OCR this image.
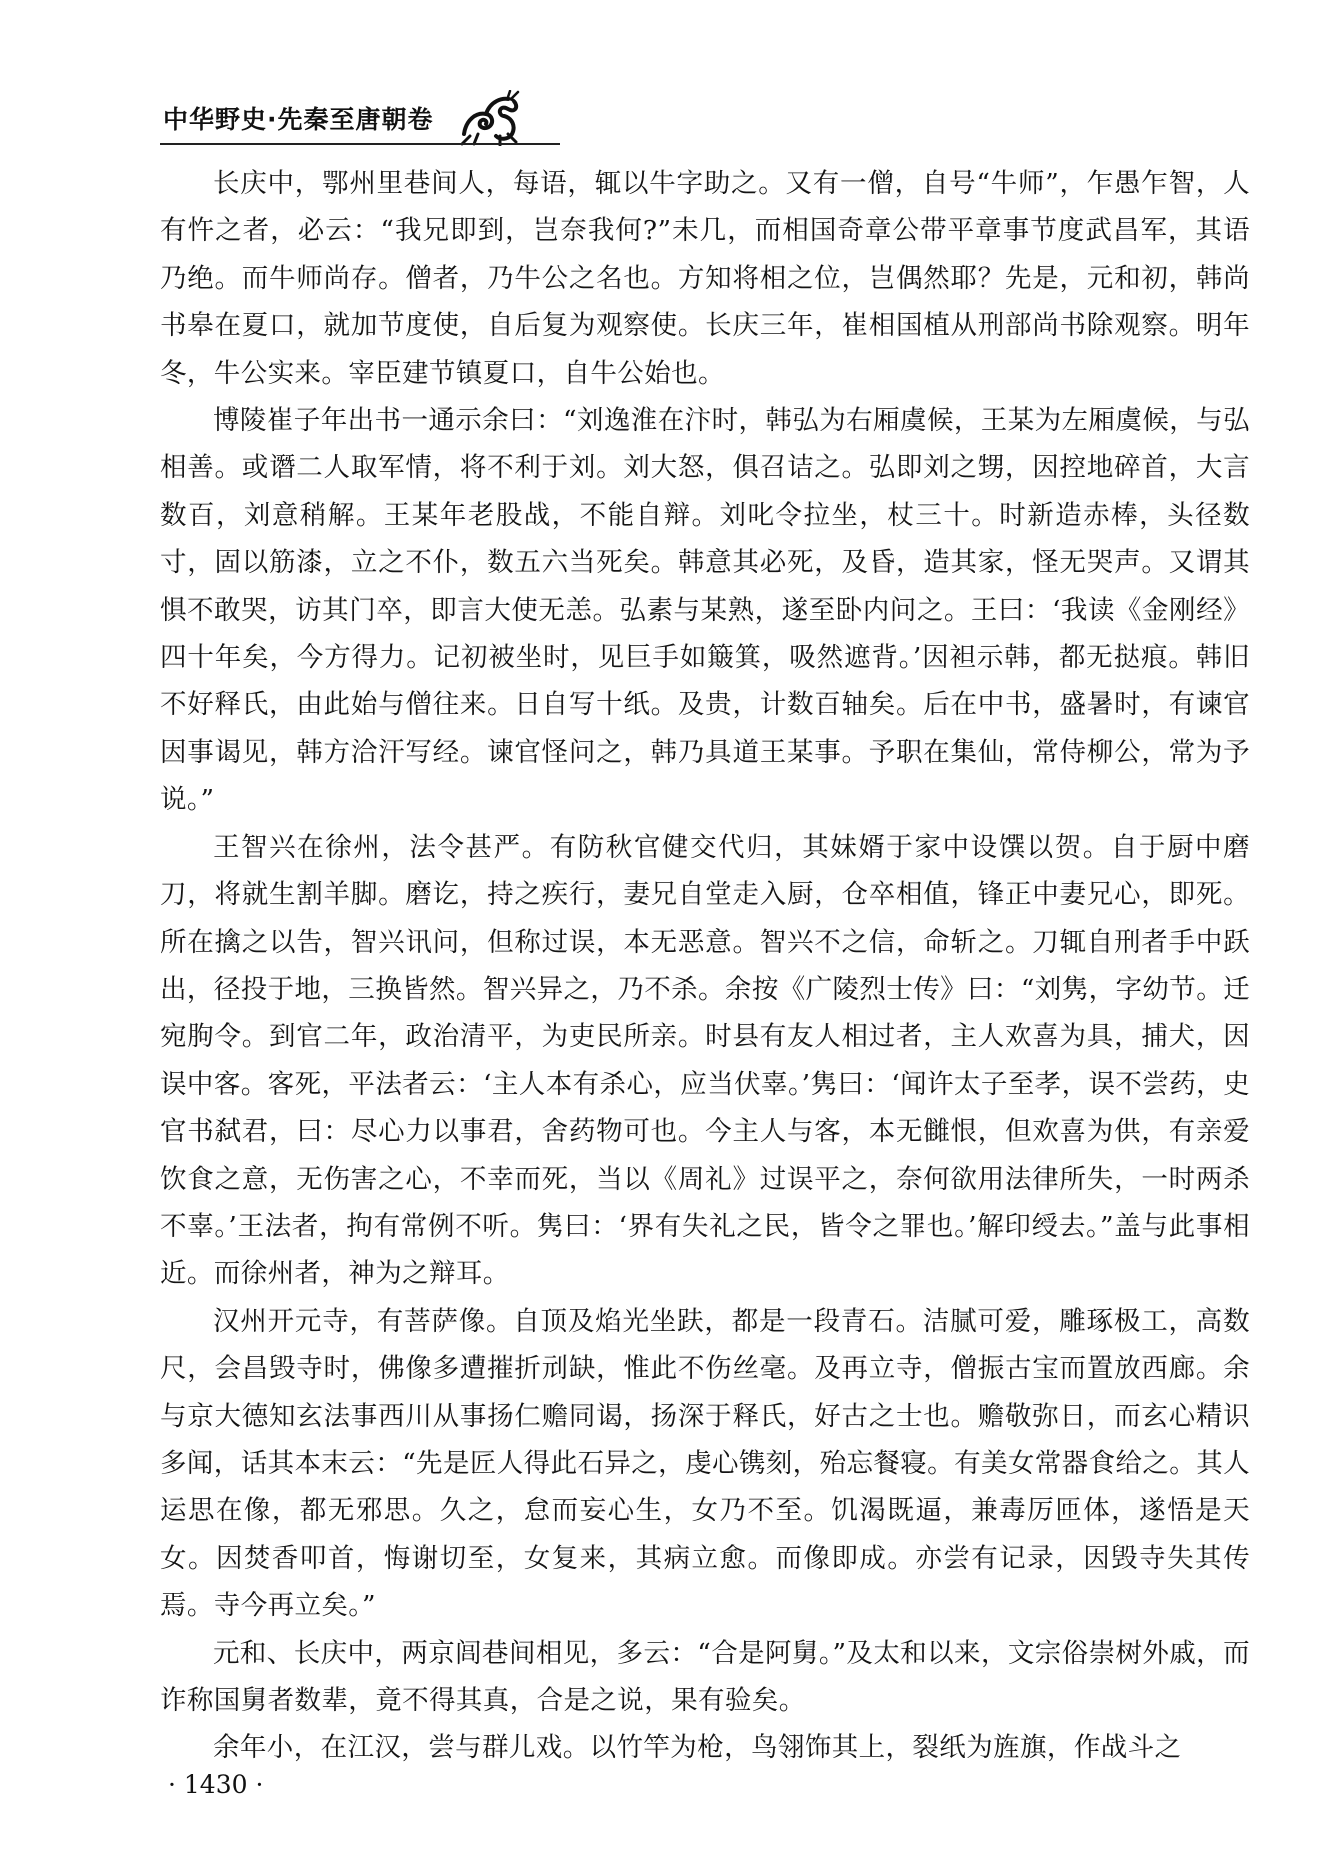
中华野史·先秦至唐朝卷

长庆中，鄂州里巷间人，每语，辄以牛字助之。又有一僧，自号“牛师”，乍愚乍智，人有忤之者，必云：“我兄即到，岂奈我何?”未几，而相国奇章公带平章事节度武昌军，其语乃绝。而牛师尚存。僧者，乃牛公之名也。方知将相之位，岂偶然耶？先是，元和初，韩尚书皋在夏口，就加节度使，自后复为观察使。长庆三年，崔相国植从刑部尚书除观察。明年冬，牛公实来。宰臣建节镇夏口，自牛公始也。

博陵崔子年出书一通示余曰：“刘逸淮在汴时，韩弘为右厢虞候，王某为左厢虞候，与弘相善。或谮二人取军情，将不利于刘。刘大怒，俱召诘之。弘即刘之甥，因控地碎首，大言数百，刘意稍解。王某年老股战，不能自辩。刘叱令拉坐，杖三十。时新造赤棒，头径数寸，固以筋漆，立之不仆，数五六当死矣。韩意其必死，及昏，造其家，怪无哭声。又谓其惧不敢哭，访其门卒，即言大使无恙。弘素与某熟，遂至卧内问之。王曰：‘我读《金刚经》四十年矣，今方得力。记初被坐时，见巨手如簸箕，吸然遮背。’因袒示韩，都无挞痕。韩旧不好释氏，由此始与僧往来。日自写十纸。及贵，计数百轴矣。后在中书，盛暑时，有谏官因事谒见，韩方洽汗写经。谏官怪问之，韩乃具道王某事。予职在集仙，常侍柳公，常为予说。”

王智兴在徐州，法令甚严。有防秋官健交代归，其妹婿于家中设馔以贺。自于厨中磨刀，将就生割羊脚。磨讫，持之疾行，妻兄自堂走入厨，仓卒相值，锋正中妻兄心，即死。所在擒之以告，智兴讯问，但称过误，本无恶意。智兴不之信，命斩之。刀辄自刑者手中跃出，径投于地，三换皆然。智兴异之，乃不杀。余按《广陵烈士传》曰：“刘隽，字幼节。迁宛朐令。到官二年，政治清平，为吏民所亲。时县有友人相过者，主人欢喜为具，捕犬，因误中客。客死，平法者云：‘主人本有杀心，应当伏辜。’隽曰：‘闻许太子至孝，误不尝药，史官书弑君，曰：尽心力以事君，舍药物可也。今主人与客，本无雠恨，但欢喜为供，有亲爱饮食之意，无伤害之心，不幸而死，当以《周礼》过误平之，奈何欲用法律所失，一时两杀不辜。’王法者，拘有常例不听。隽曰：‘界有失礼之民，皆令之罪也。’解印绶去。”盖与此事相近。而徐州者，神为之辩耳。

汉州开元寺，有菩萨像。自顶及焰光坐趺，都是一段青石。洁腻可爱，雕琢极工，高数尺，会昌毁寺时，佛像多遭摧折刓缺，惟此不伤丝毫。及再立寺，僧振古宝而置放西廊。余与京大德知玄法事西川从事扬仁赡同谒，扬深于释氏，好古之士也。赡敬弥日，而玄心精识多闻，话其本末云：“先是匠人得此石异之，虔心镌刻，殆忘餐寝。有美女常器食给之。其人运思在像，都无邪思。久之，怠而妄心生，女乃不至。饥渴既逼，兼毒厉匝体，遂悟是天女。因焚香叩首，悔谢切至，女复来，其病立愈。而像即成。亦尝有记录，因毁寺失其传焉。寺今再立矣。”

元和、长庆中，两京闾巷间相见，多云：“合是阿舅。”及太和以来，文宗俗崇树外戚，而诈称国舅者数辈，竟不得其真，合是之说，果有验矣。

余年小，在江汉，尝与群儿戏。以竹竿为枪，鸟翎饰其上，裂纸为旌旗，作战斗之

· 1430 ·
